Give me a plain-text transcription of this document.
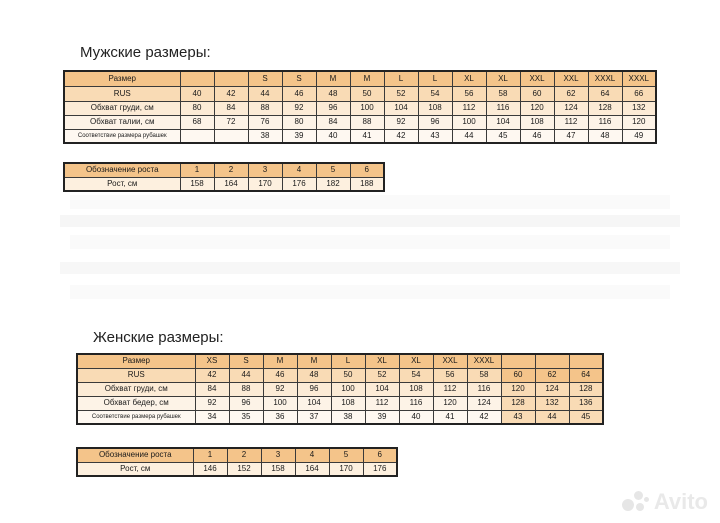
Мужские размеры:
Размер			S	S	M	M	L	L	XL	XL	XXL	XXL	XXXL	XXXL
RUS	40	42	44	46	48	50	52	54	56	58	60	62	64	66
Обхват груди, см	80	84	88	92	96	100	104	108	112	116	120	124	128	132
Обхват талии, см	68	72	76	80	84	88	92	96	100	104	108	112	116	120
Соответствие размера рубашек			38	39	40	41	42	43	44	45	46	47	48	49
Обозначение роста	1	2	3	4	5	6
Рост, см	158	164	170	176	182	188
Женские размеры:
Размер	XS	S	M	M	L	XL	XL	XXL	XXXL			
RUS	42	44	46	48	50	52	54	56	58	60	62	64
Обхват груди, см	84	88	92	96	100	104	108	112	116	120	124	128
Обхват бедер, см	92	96	100	104	108	112	116	120	124	128	132	136
Соответствие размера рубашек	34	35	36	37	38	39	40	41	42	43	44	45
Обозначение роста	1	2	3	4	5	6
Рост, см	146	152	158	164	170	176
Avito
